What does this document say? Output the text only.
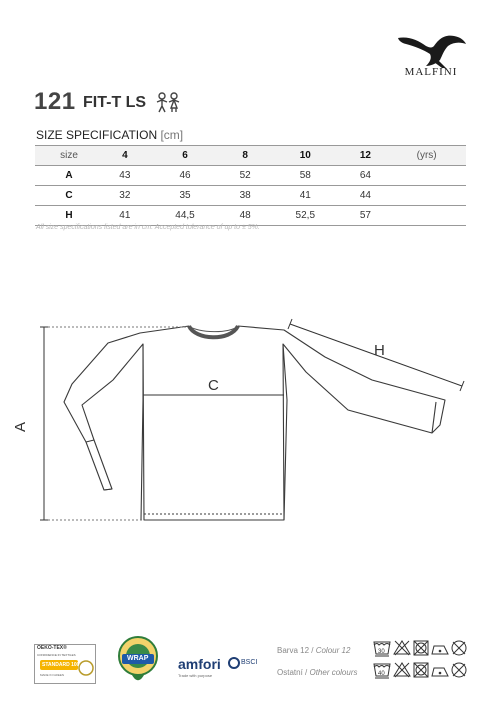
MALFINI
121 FIT-T LS
SIZE SPECIFICATION [cm]
size	4	6	8	10	12	(yrs)
A	43	46	52	58	64	
C	32	35	38	41	44	
H	41	44,5	48	52,5	57	
All size specifications listed are in cm. Accepted tolerance of up to ± 5%.
A
C
H
OEKO-TEX®
CONFIDENCE IN TEXTILES
STANDARD 100
MADE IN GREEN
WRAP amfori	BSCI
Trade with purpose
Barva 12 / Colour 12
Ostatní / Other colours
30
40
